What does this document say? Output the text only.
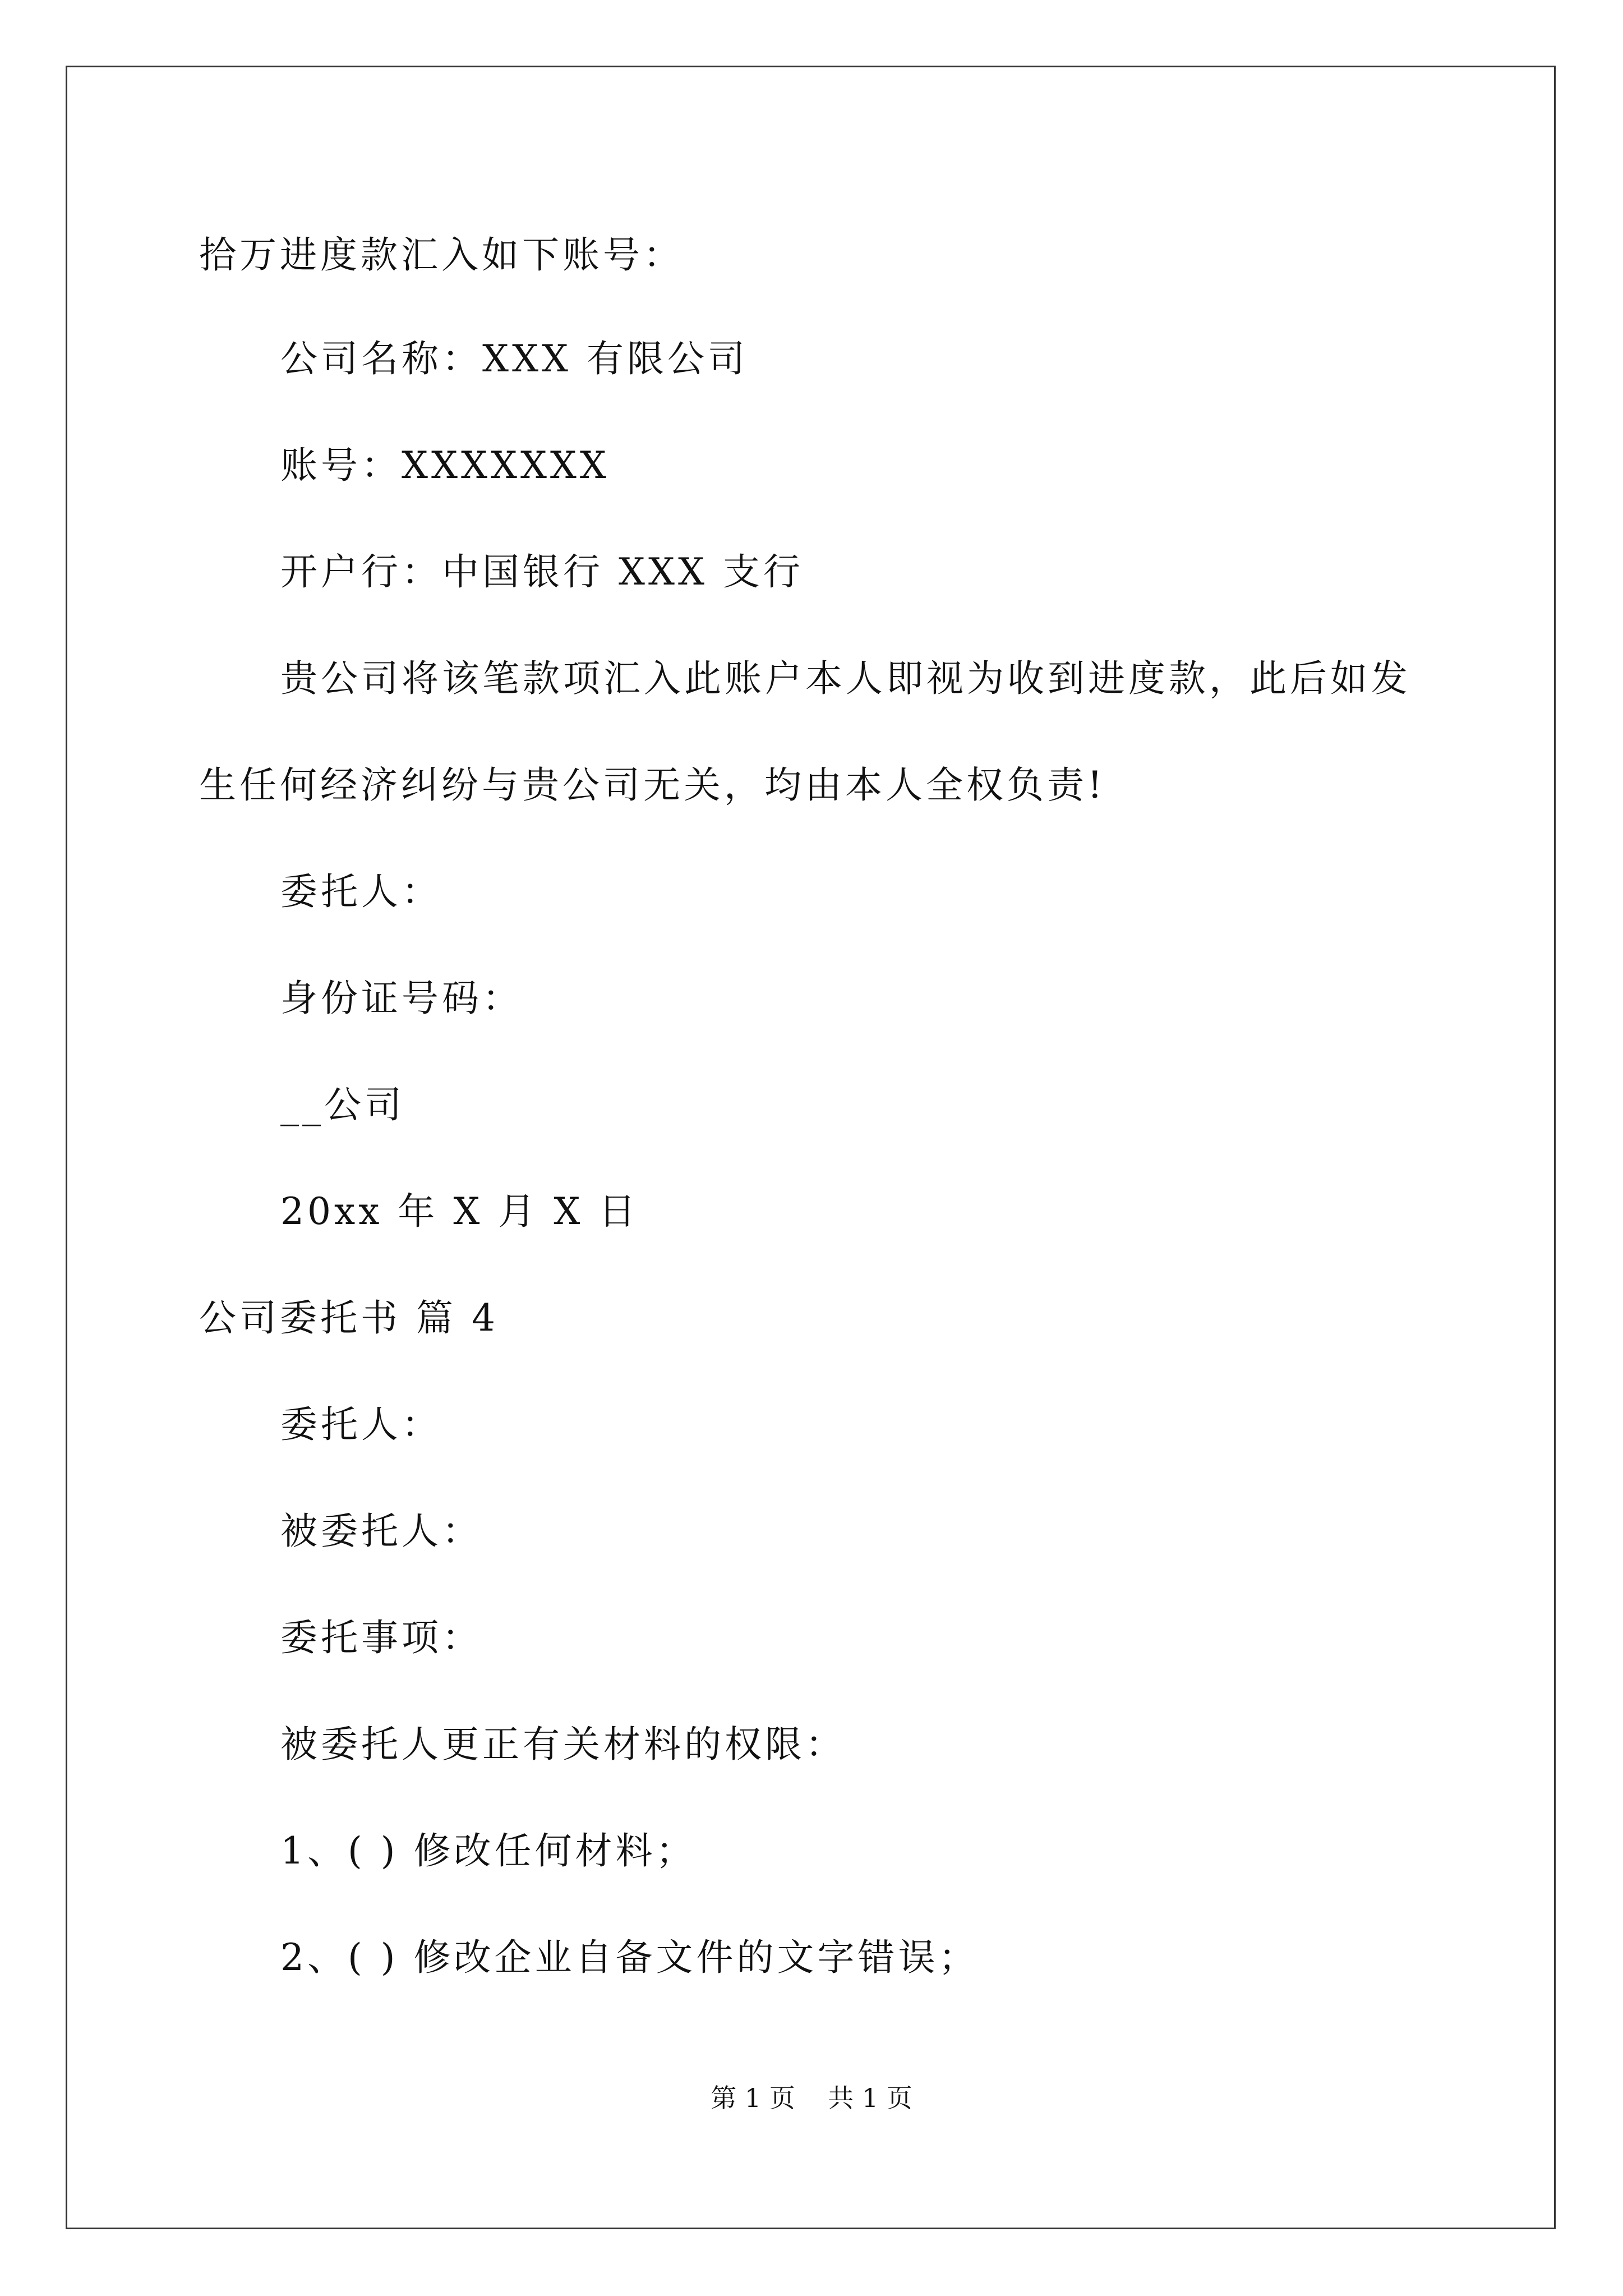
拾万进度款汇入如下账号：
公司名称：XXX 有限公司
账号：XXXXXXX
开户行：中国银行 XXX 支行
贵公司将该笔款项汇入此账户本人即视为收到进度款，此后如发
生任何经济纠纷与贵公司无关，均由本人全权负责!
委托人：
身份证号码：
__公司
20xx 年 X 月 X 日
公司委托书 篇 4
委托人：
被委托人：
委托事项：
被委托人更正有关材料的权限：
1、( ) 修改任何材料；
2、( ) 修改企业自备文件的文字错误；
第 1 页    共 1 页
